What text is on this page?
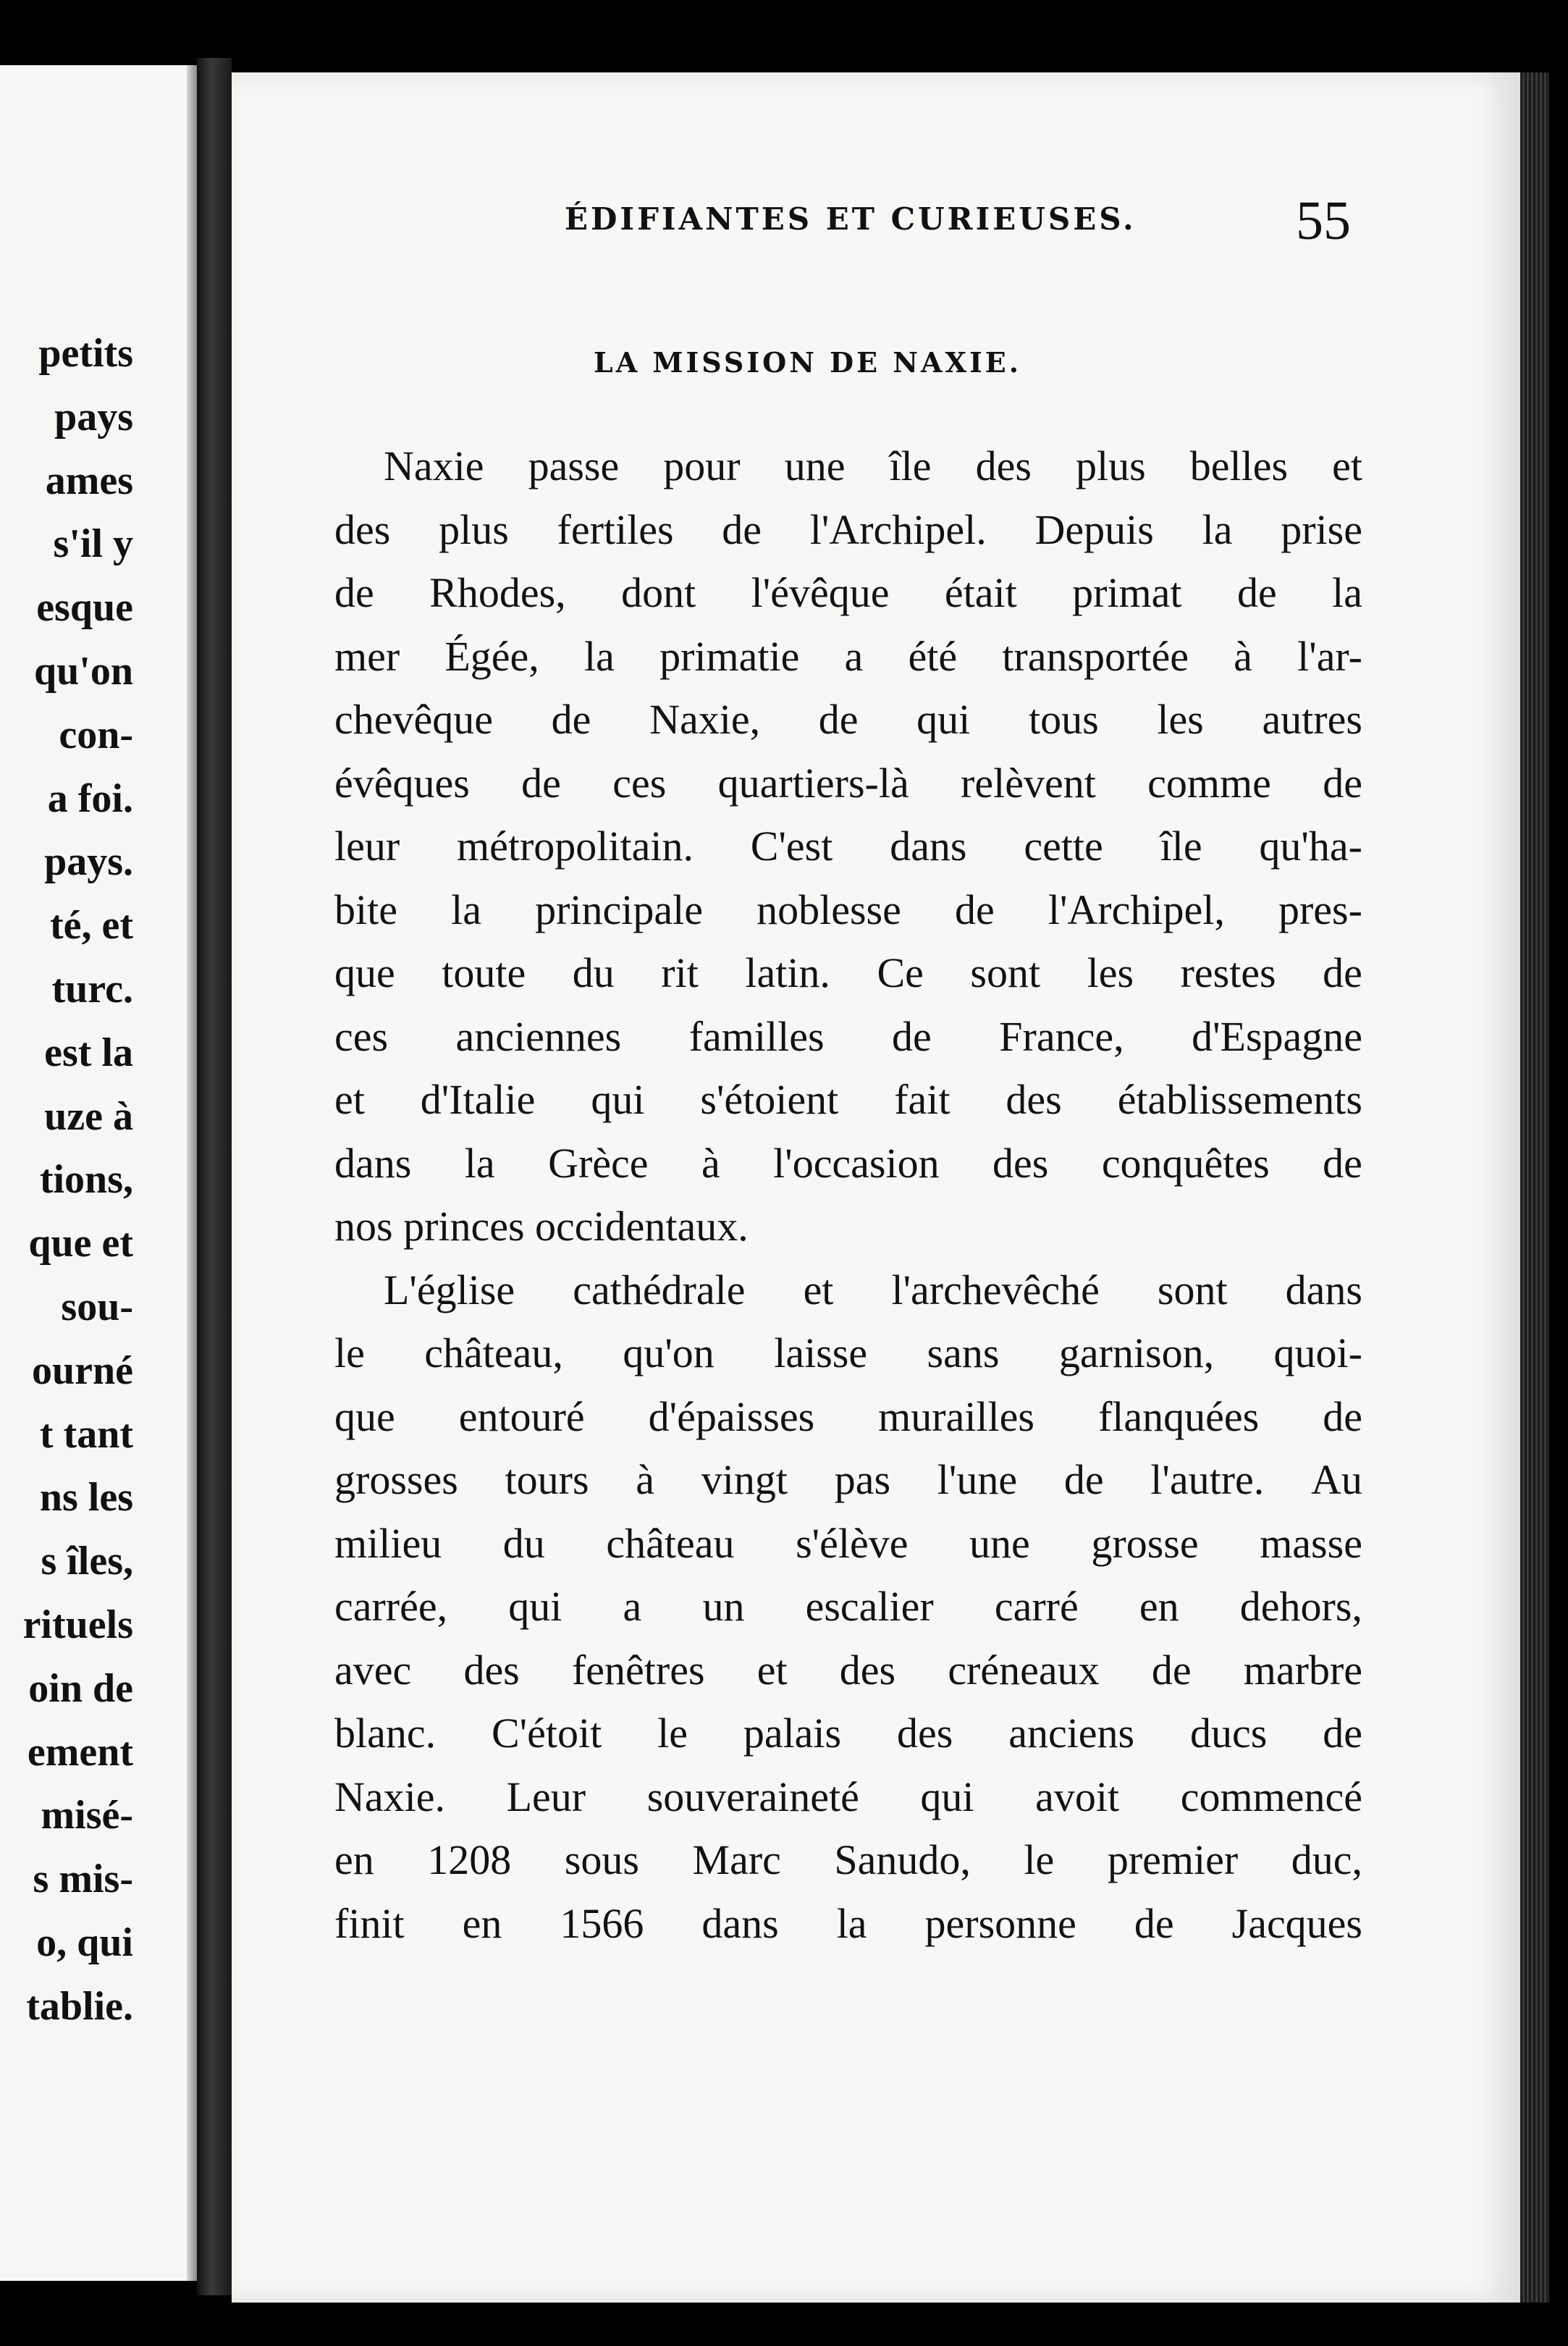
petits
pays
ames
s'il y
esque
qu'on
con-
a foi.
pays.
té, et
turc.
est la
uze à
tions,
que et
sou-
ourné
t tant
ns les
s îles,
rituels
oin de
ement
misé-
s mis-
o, qui
tablie.
ÉDIFIANTES ET CURIEUSES.	55
LA MISSION DE NAXIE.
Naxie passe pour une île des plus belles et
des plus fertiles de l'Archipel. Depuis la prise
de Rhodes, dont l'évêque était primat de la
mer Égée, la primatie a été transportée à l'ar-
chevêque de Naxie, de qui tous les autres
évêques de ces quartiers-là relèvent comme de
leur métropolitain. C'est dans cette île qu'ha-
bite la principale noblesse de l'Archipel, pres-
que toute du rit latin. Ce sont les restes de
ces anciennes familles de France, d'Espagne
et d'Italie qui s'étoient fait des établissements
dans la Grèce à l'occasion des conquêtes de
nos princes occidentaux.
L'église cathédrale et l'archevêché sont dans
le château, qu'on laisse sans garnison, quoi-
que entouré d'épaisses murailles flanquées de
grosses tours à vingt pas l'une de l'autre. Au
milieu du château s'élève une grosse masse
carrée, qui a un escalier carré en dehors,
avec des fenêtres et des créneaux de marbre
blanc. C'étoit le palais des anciens ducs de
Naxie. Leur souveraineté qui avoit commencé
en 1208 sous Marc Sanudo, le premier duc,
finit en 1566 dans la personne de Jacques
